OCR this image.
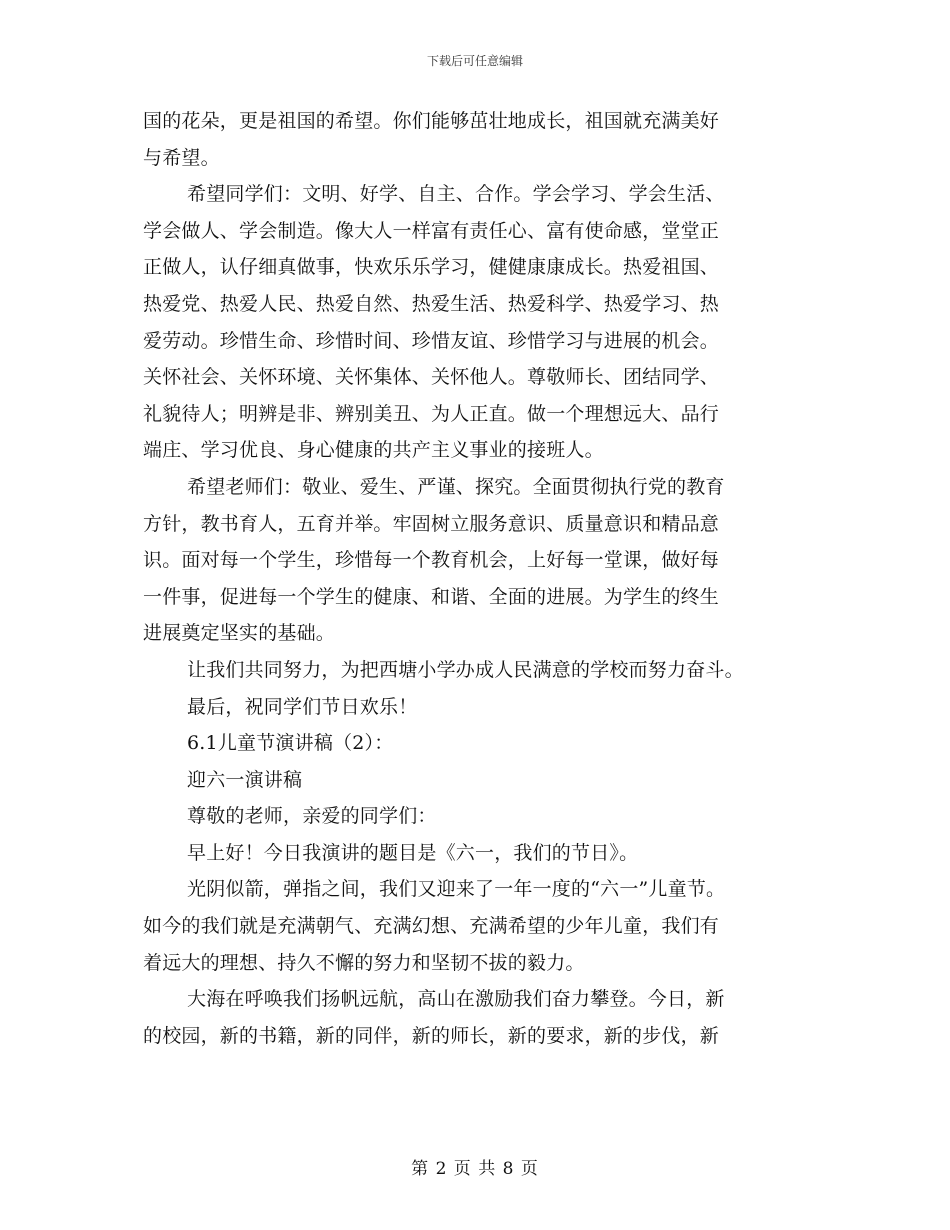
下载后可任意编辑
国的花朵，更是祖国的希望。你们能够茁壮地成长，祖国就充满美好
与希望。
希望同学们：文明、好学、自主、合作。学会学习、学会生活、
学会做人、学会制造。像大人一样富有责任心、富有使命感，堂堂正
正做人，认仔细真做事，快欢乐乐学习，健健康康成长。热爱祖国、
热爱党、热爱人民、热爱自然、热爱生活、热爱科学、热爱学习、热
爱劳动。珍惜生命、珍惜时间、珍惜友谊、珍惜学习与进展的机会。
关怀社会、关怀环境、关怀集体、关怀他人。尊敬师长、团结同学、
礼貌待人；明辨是非、辨别美丑、为人正直。做一个理想远大、品行
端庄、学习优良、身心健康的共产主义事业的接班人。
希望老师们：敬业、爱生、严谨、探究。全面贯彻执行党的教育
方针，教书育人，五育并举。牢固树立服务意识、质量意识和精品意
识。面对每一个学生，珍惜每一个教育机会，上好每一堂课，做好每
一件事，促进每一个学生的健康、和谐、全面的进展。为学生的终生
进展奠定坚实的基础。
让我们共同努力，为把西塘小学办成人民满意的学校而努力奋斗。
最后，祝同学们节日欢乐！
6.1儿童节演讲稿（2）：
迎六一演讲稿
尊敬的老师，亲爱的同学们：
早上好！今日我演讲的题目是《六一，我们的节日》。
光阴似箭，弹指之间，我们又迎来了一年一度的“六一”儿童节。
如今的我们就是充满朝气、充满幻想、充满希望的少年儿童，我们有
着远大的理想、持久不懈的努力和坚韧不拔的毅力。
大海在呼唤我们扬帆远航，高山在激励我们奋力攀登。今日，新
的校园，新的书籍，新的同伴，新的师长，新的要求，新的步伐，新
第 2 页 共 8 页
